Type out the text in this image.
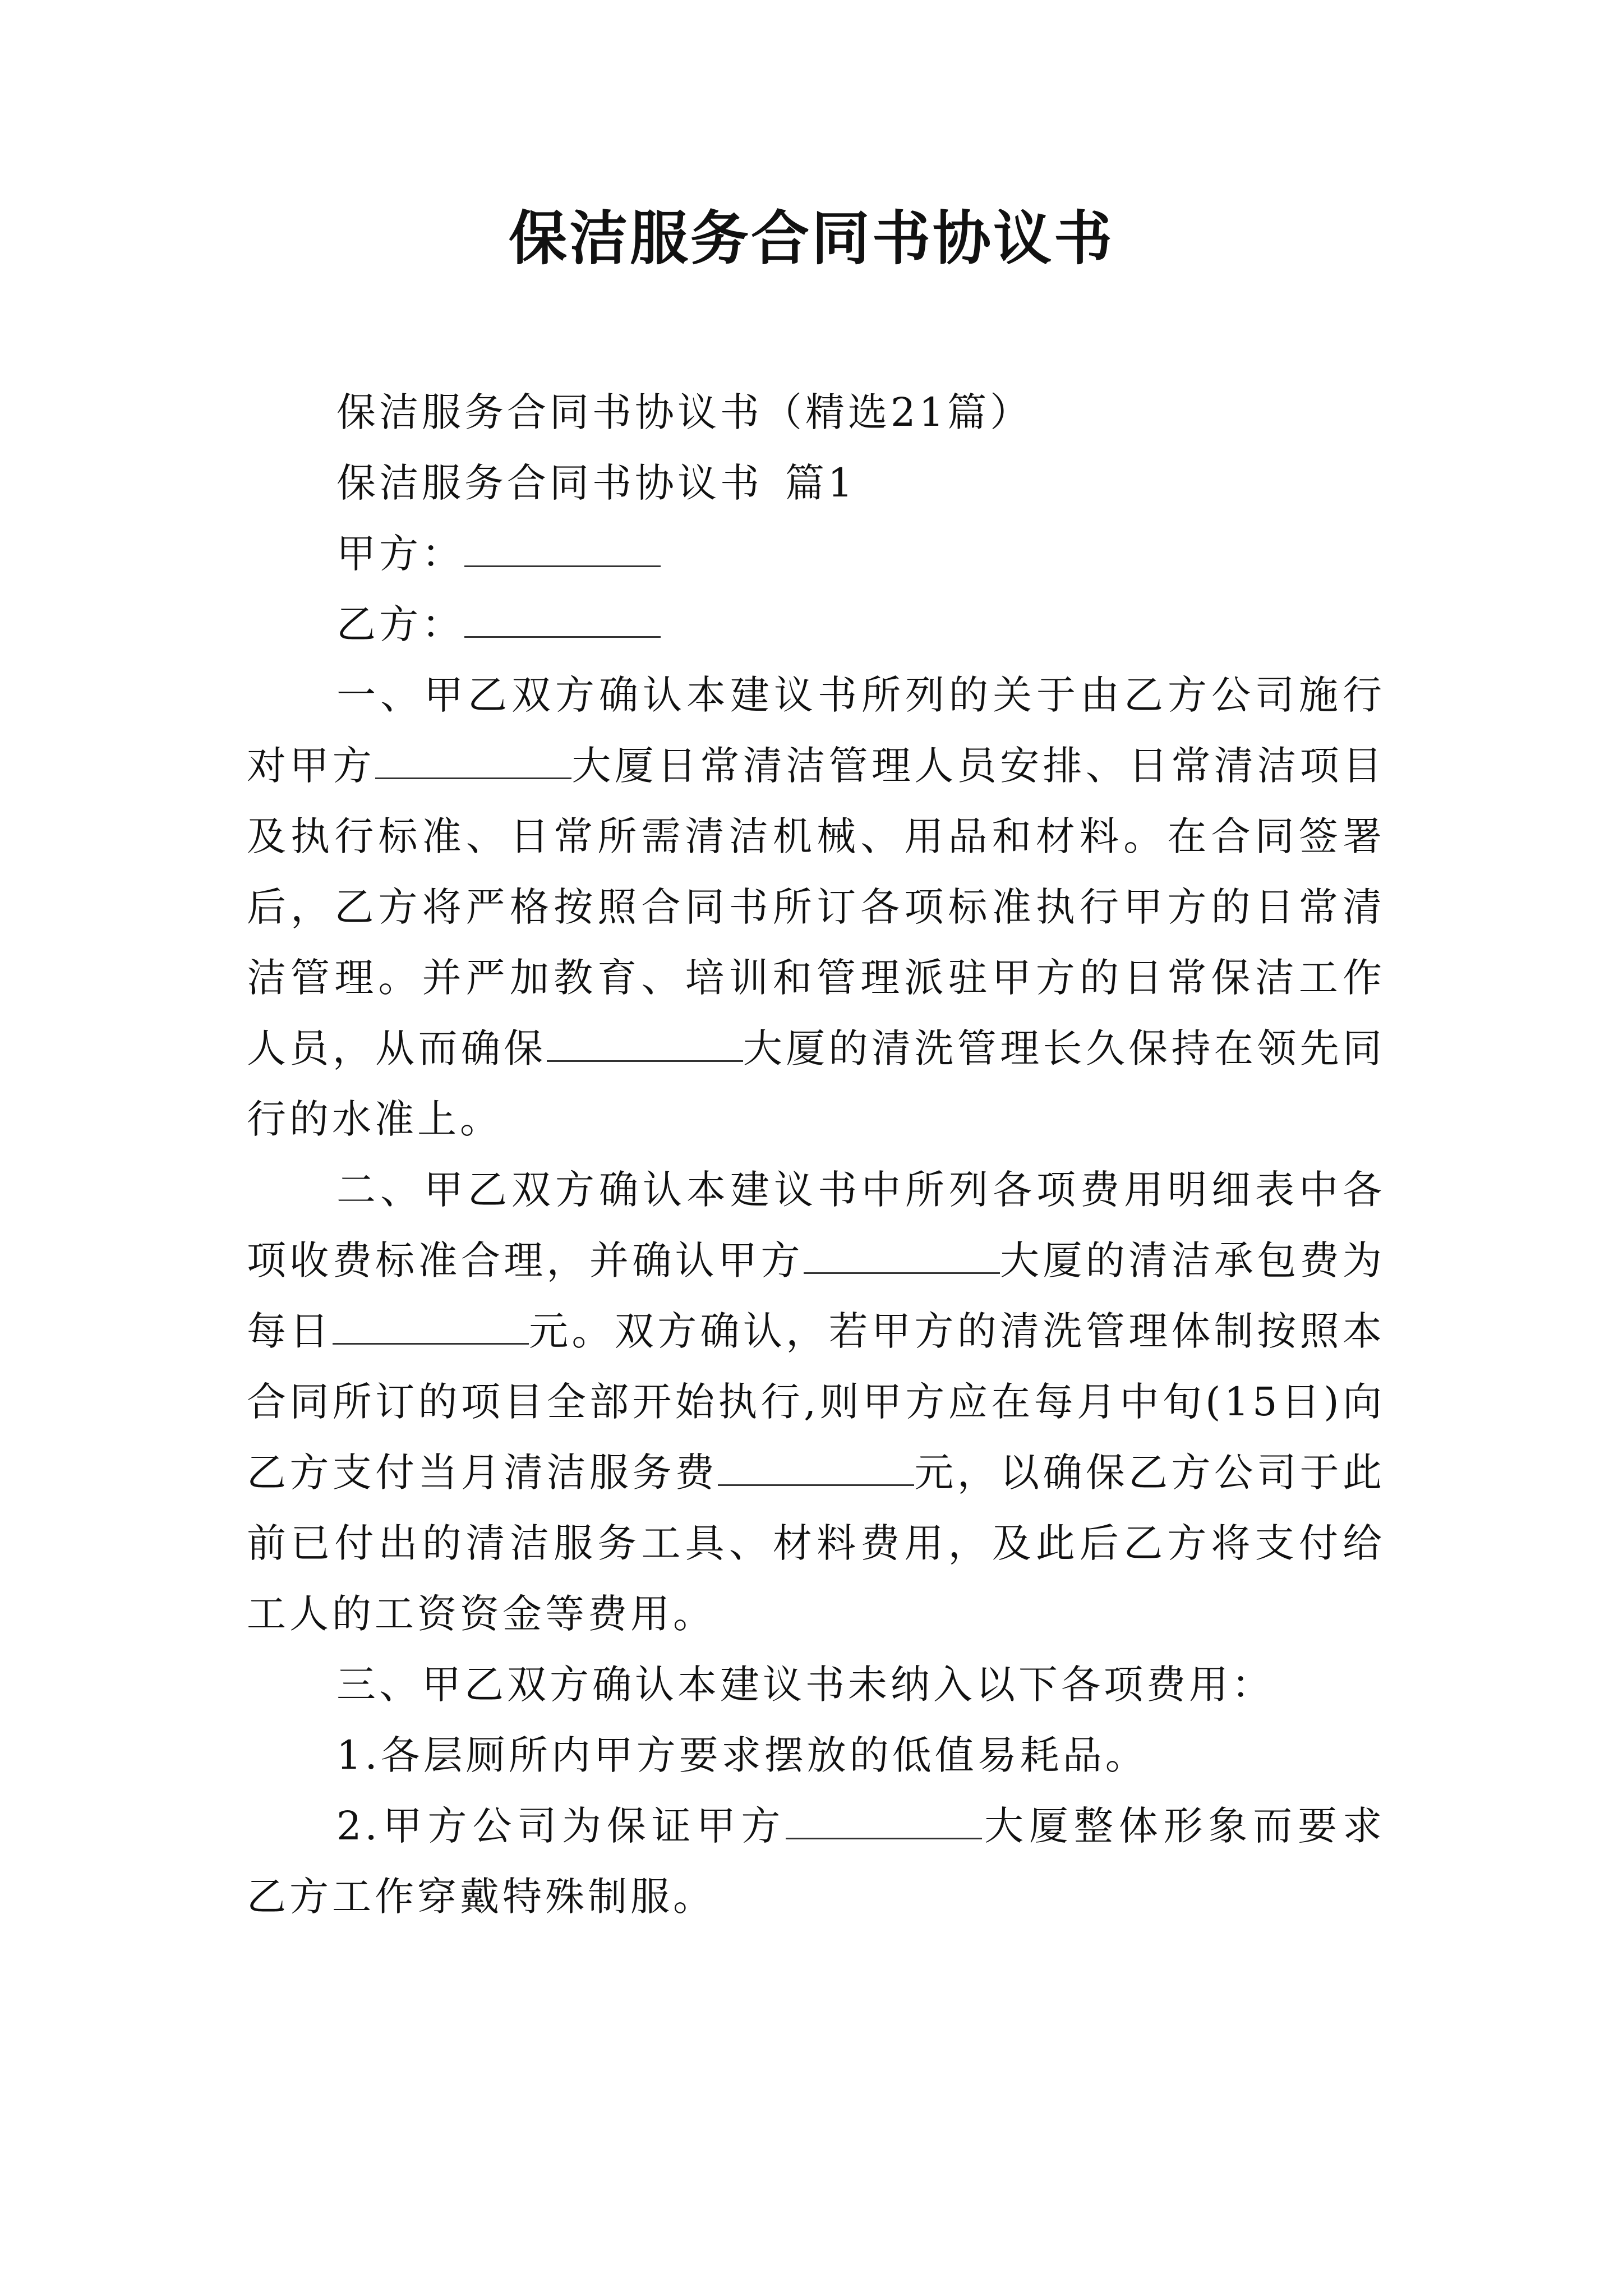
保洁服务合同书协议书

保洁服务合同书协议书（精选21篇）

保洁服务合同书协议书 篇1

甲方：

乙方：

一、甲乙双方确认本建议书所列的关于由乙方公司施行对甲方	大厦日常清洁管理人员安排、日常清洁项目及执行标准、日常所需清洁机械、用品和材料。在合同签署后，乙方将严格按照合同书所订各项标准执行甲方的日常清洁管理。并严加教育、培训和管理派驻甲方的日常保洁工作人员，从而确保	大厦的清洗管理长久保持在领先同行的水准上。

二、甲乙双方确认本建议书中所列各项费用明细表中各项收费标准合理，并确认甲方	大厦的清洁承包费为每日	元。双方确认，若甲方的清洗管理体制按照本合同所订的项目全部开始执行,则甲方应在每月中旬(15日)向乙方支付当月清洁服务费	元，以确保乙方公司于此前已付出的清洁服务工具、材料费用，及此后乙方将支付给工人的工资资金等费用。

三、甲乙双方确认本建议书未纳入以下各项费用：

1.各层厕所内甲方要求摆放的低值易耗品。

2.甲方公司为保证甲方	大厦整体形象而要求乙方工作穿戴特殊制服。
